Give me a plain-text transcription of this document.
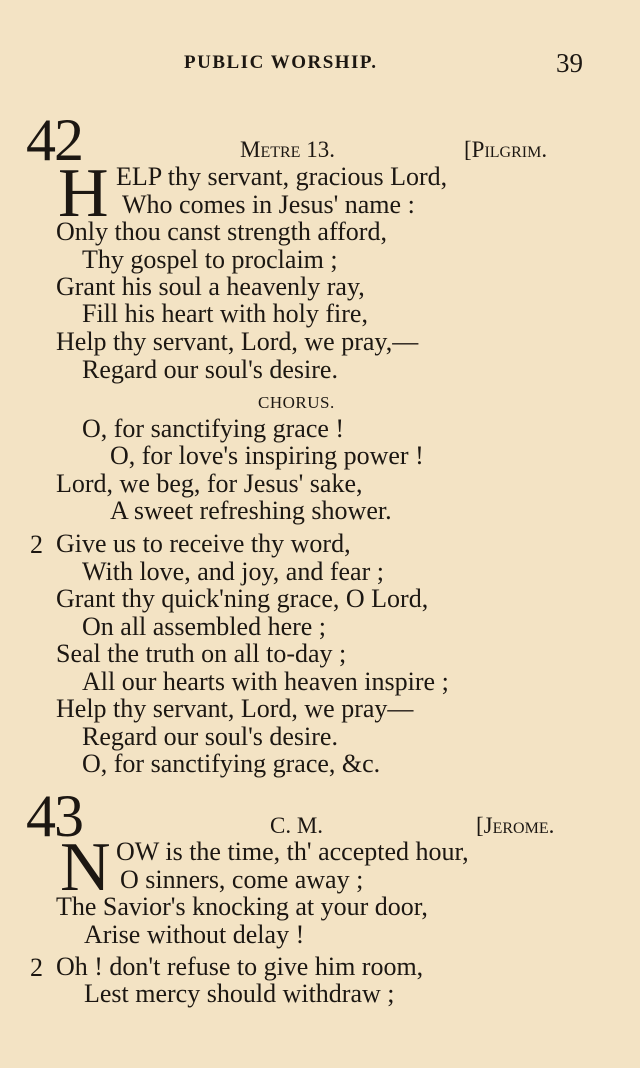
PUBLIC WORSHIP.	39
42	Metre 13.	[Pilgrim.
H ELP thy servant, gracious Lord,
Who comes in Jesus' name :
Only thou canst strength afford,
Thy gospel to proclaim ;
Grant his soul a heavenly ray,
Fill his heart with holy fire,
Help thy servant, Lord, we pray,—
Regard our soul's desire.
CHORUS.
O, for sanctifying grace !
O, for love's inspiring power !
Lord, we beg, for Jesus' sake,
A sweet refreshing shower.
2 Give us to receive thy word,
With love, and joy, and fear ;
Grant thy quick'ning grace, O Lord,
On all assembled here ;
Seal the truth on all to-day ;
All our hearts with heaven inspire ;
Help thy servant, Lord, we pray—
Regard our soul's desire.
O, for sanctifying grace, &c.
43	C. M.	[Jerome.
N OW is the time, th' accepted hour,
O sinners, come away ;
The Savior's knocking at your door,
Arise without delay !
2 Oh ! don't refuse to give him room,
Lest mercy should withdraw ;
